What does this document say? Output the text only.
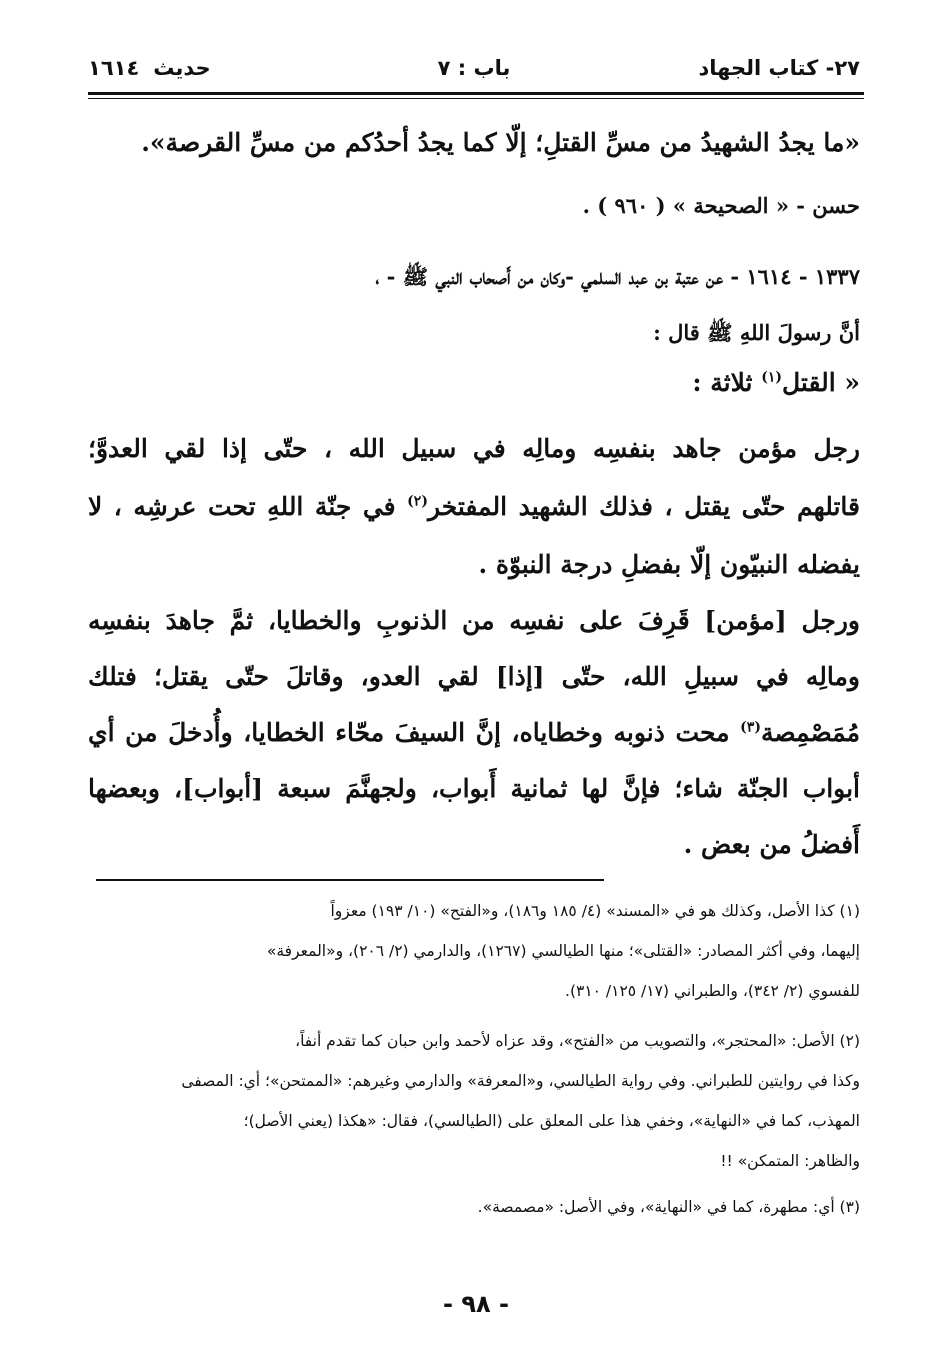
٢٧- كتاب الجهاد
باب : ٧
حديث١٦١٤
«ما يجدُ الشهيدُ من مسِّ القتلِ؛ إلّا كما يجدُ أحدُكم من مسِّ القرصة».
حسن - « الصحيحة » ( ٩٦٠ ) .
١٣٣٧ - ١٦١٤ - عن عتبة بن عبد السلمي -وكان من أَصحاب النبي ﷺ - ،
أنَّ رسولَ اللهِ ﷺ قال :
« القتل$^{(١)}$ ثلاثة :
رجل مؤمن جاهد بنفسِه ومالِه في سبيل الله ، حتّى إذا لقي العدوَّ؛
قاتلهم حتّى يقتل ، فذلك الشهيد المفتخر$^{(٢)}$ في جنّة اللهِ تحت عرشِه ، لا
يفضله النبيّون إلّا بفضلِ درجة النبوّة .
ورجل [مؤمن] قَرِفَ على نفسِه من الذنوبِ والخطايا، ثمَّ جاهدَ بنفسِه
ومالِه في سبيلِ الله، حتّى [إذا] لقي العدو، وقاتلَ حتّى يقتل؛ فتلك
مُمَصْمِصة$^{(٣)}$ محت ذنوبه وخطاياه، إنَّ السيفَ محّاء الخطايا، وأُدخلَ من أي
أبواب الجنّة شاء؛ فإنَّ لها ثمانية أَبواب، ولجهنَّمَ سبعة [أبواب]، وبعضها
أَفضلُ من بعض .
(١) كذا الأصل، وكذلك هو في «المسند» (٤/ ١٨٥ و١٨٦)، و«الفتح» (١٠/ ١٩٣) معزواً
إليهما، وفي أكثر المصادر: «القتلى»؛ منها الطيالسي (١٢٦٧)، والدارمي (٢/ ٢٠٦)، و«المعرفة»
للفسوي (٢/ ٣٤٢)، والطبراني (١٧/ ١٢٥/ ٣١٠).
(٢) الأصل: «المحتجر»، والتصويب من «الفتح»، وقد عزاه لأحمد وابن حبان كما تقدم أنفاً،
وكذا في روايتين للطبراني. وفي رواية الطيالسي، و«المعرفة» والدارمي وغيرهم: «الممتحن»؛ أي: المصفى
المهذب، كما في «النهاية»، وخفي هذا على المعلق على (الطيالسي)، فقال: «هكذا (يعني الأصل)؛
والظاهر: المتمكن» !!
(٣) أي: مطهرة، كما في «النهاية»، وفي الأصل: «مصمصة».
- ٩٨ -
